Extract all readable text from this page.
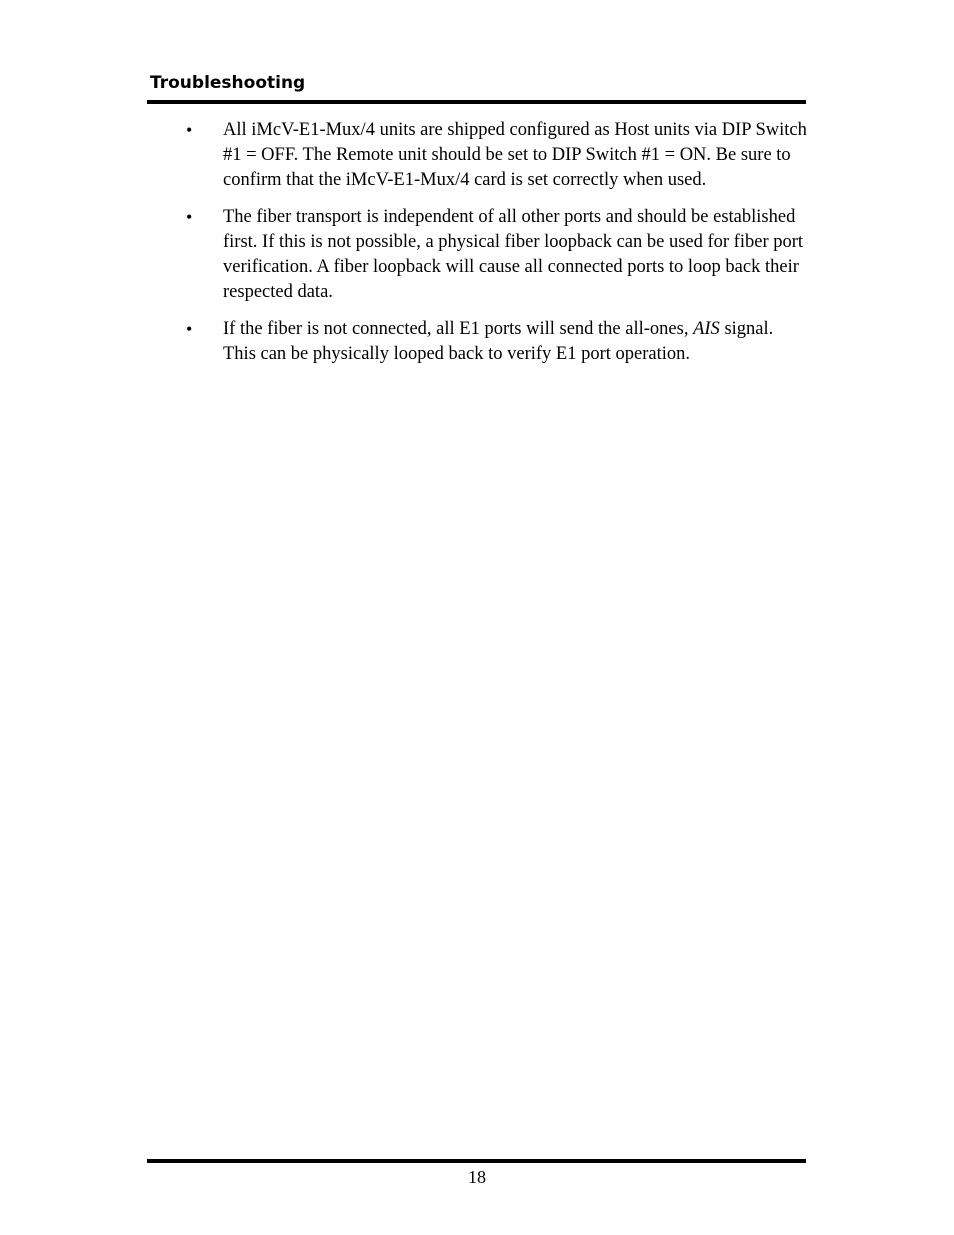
Troubleshooting
• All iMcV-E1-Mux/4 units are shipped configured as Host units via DIP Switch #1 = OFF. The Remote unit should be set to DIP Switch #1 = ON. Be sure to confirm that the iMcV-E1-Mux/4 card is set correctly when used.
• The fiber transport is independent of all other ports and should be established first. If this is not possible, a physical fiber loopback can be used for fiber port verification. A fiber loopback will cause all connected ports to loop back their respected data.
• If the fiber is not connected, all E1 ports will send the all-ones, AIS signal. This can be physically looped back to verify E1 port operation.
18
